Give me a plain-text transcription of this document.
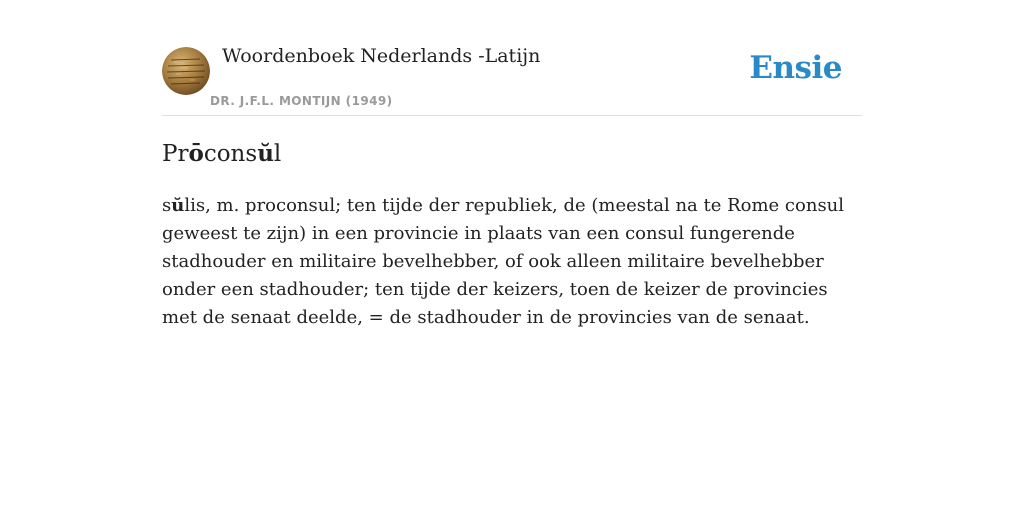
Woordenboek Nederlands -Latijn
DR. J.F.L. MONTIJN (1949)
Ensie
Prōconsŭl

sŭlis, m. proconsul; ten tijde der republiek, de (meestal na te Rome consul geweest te zijn) in een provincie in plaats van een consul fungerende stadhouder en militaire bevelhebber, of ook alleen militaire bevelhebber onder een stadhouder; ten tijde der keizers, toen de keizer de provincies met de senaat deelde, = de stadhouder in de provincies van de senaat.
